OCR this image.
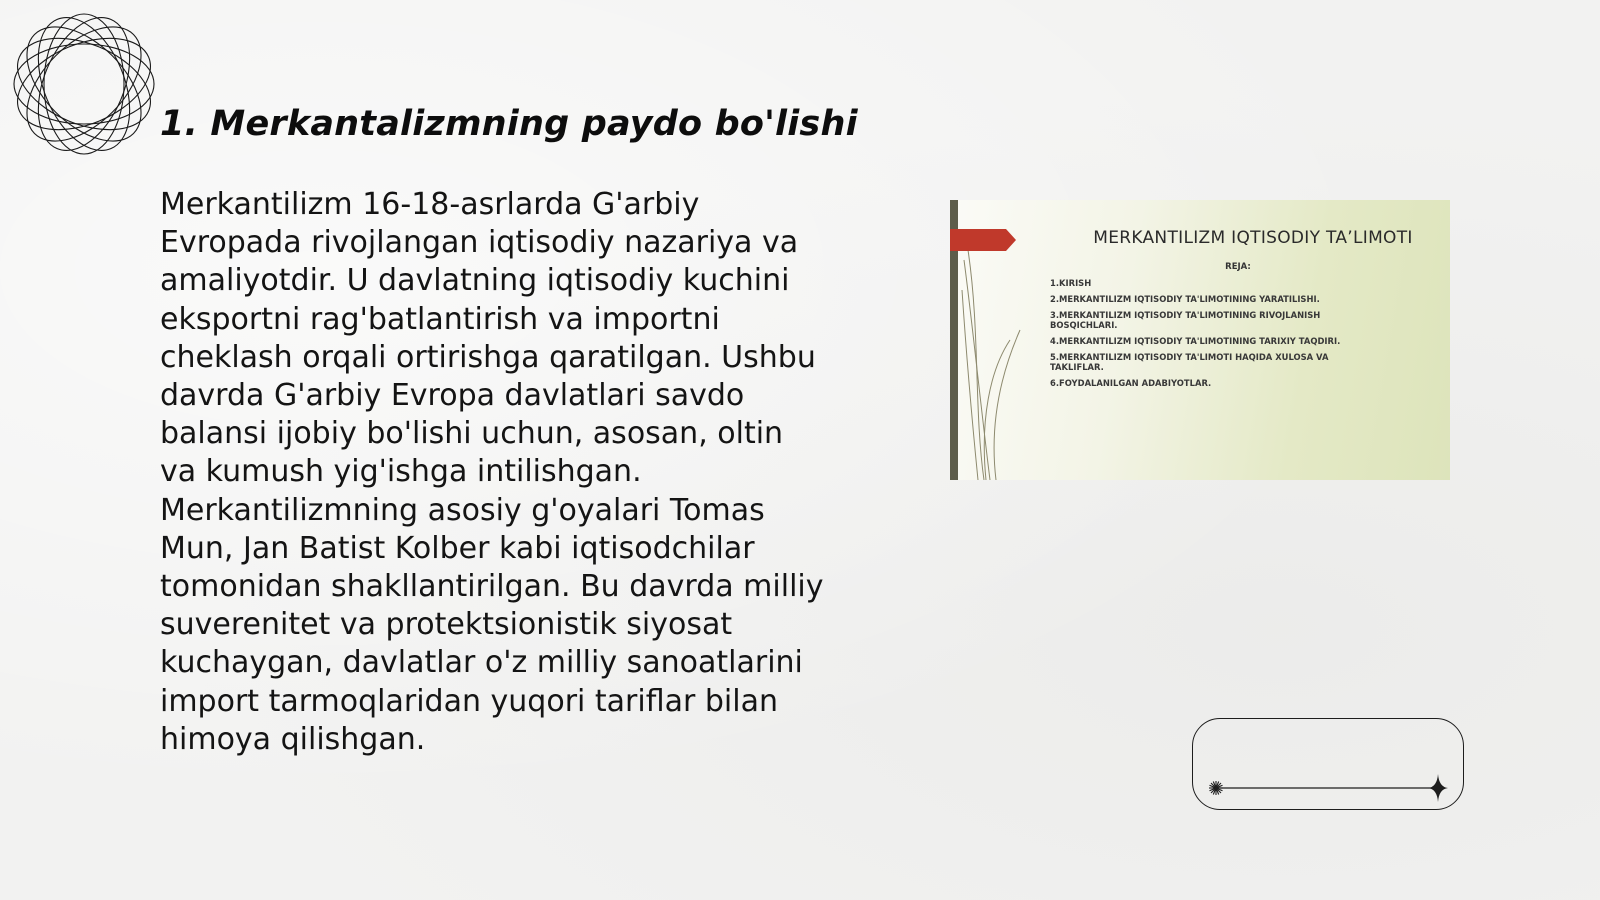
1. Merkantalizmning paydo bo'lishi

Merkantilizm 16-18-asrlarda G'arbiy Evropada rivojlangan iqtisodiy nazariya va amaliyotdir. U davlatning iqtisodiy kuchini eksportni rag'batlantirish va importni cheklash orqali ortirishga qaratilgan. Ushbu davrda G'arbiy Evropa davlatlari savdo balansi ijobiy bo'lishi uchun, asosan, oltin va kumush yig'ishga intilishgan. Merkantilizmning asosiy g'oyalari Tomas Mun, Jan Batist Kolber kabi iqtisodchilar tomonidan shakllantirilgan. Bu davrda milliy suverenitet va protektsionistik siyosat kuchaygan, davlatlar o'z milliy sanoatlarini import tarmoqlaridan yuqori tariflar bilan himoya qilishgan.

MERKANTILIZM IQTISODIY TA’LIMOTI
REJA:
1.KIRISH
2.MERKANTILIZM IQTISODIY TA'LIMOTINING YARATILISHI.
3.MERKANTILIZM IQTISODIY TA'LIMOTINING RIVOJLANISH BOSQICHLARI.
4.MERKANTILIZM IQTISODIY TA'LIMOTINING TARIXIY TAQDIRI.
5.MERKANTILIZM IQTISODIY TA'LIMOTI HAQIDA XULOSA VA TAKLIFLAR.
6.FOYDALANILGAN ADABIYOTLAR.
